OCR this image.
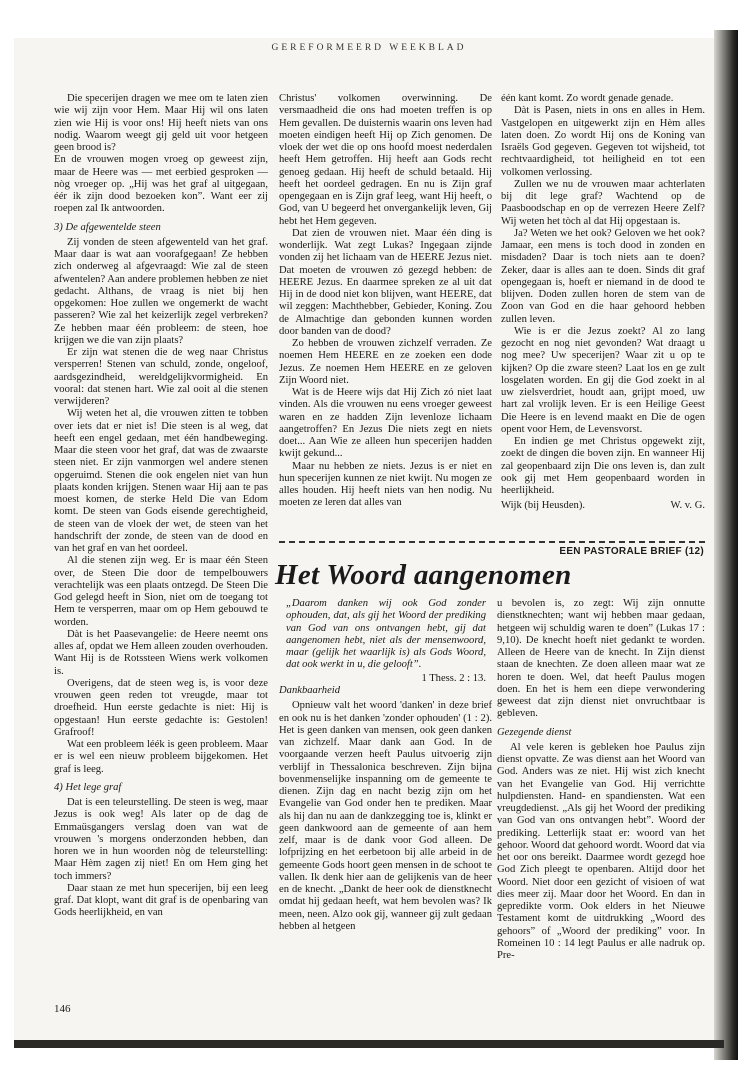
GEREFORMEERD WEEKBLAD

Die specerijen dragen we mee om te laten zien wie wij zijn voor Hem. Maar Hij wil ons laten zien wie Hij is voor ons! Hij heeft niets van ons nodig. Waarom weegt gij geld uit voor hetgeen geen brood is?

En de vrouwen mogen vroeg op geweest zijn, maar de Heere was — met eerbied gesproken — nòg vroeger op. „Hij was het graf al uitgegaan, éér ik zijn dood bezoeken kon”. Want eer zij roepen zal Ik antwoorden.

3) De afgewentelde steen

Zij vonden de steen afgewenteld van het graf. Maar daar is wat aan voorafgegaan! Ze hebben zich onderweg al afgevraagd: Wie zal de steen afwentelen? Aan andere problemen hebben ze niet gedacht. Althans, de vraag is niet bij hen opgekomen: Hoe zullen we ongemerkt de wacht passeren? Wie zal het keizerlijk zegel verbreken? Ze hebben maar één probleem: de steen, hoe krijgen we die van zijn plaats?

Er zijn wat stenen die de weg naar Christus versperren! Stenen van schuld, zonde, ongeloof, aardsgezindheid, wereldgelijkvormigheid. En vooral: dat stenen hart. Wie zal ooit al die stenen verwijderen?

Wij weten het al, die vrouwen zitten te tobben over iets dat er niet is! Die steen is al weg, dat heeft een engel gedaan, met één handbeweging. Maar die steen voor het graf, dat was de zwaarste steen niet. Er zijn vanmorgen wel andere stenen opgeruimd. Stenen die ook engelen niet van hun plaats konden krijgen. Stenen waar Hij aan te pas moest komen, de sterke Held Die van Edom komt. De steen van Gods eisende gerechtigheid, de steen van de vloek der wet, de steen van het handschrift der zonde, de steen van de dood en van het graf en van het oordeel.

Al die stenen zijn weg. Er is maar één Steen over, de Steen Die door de tempelbouwers verachtelijk was een plaats ontzegd. De Steen Die God gelegd heeft in Sion, niet om de toegang tot Hem te versperren, maar om op Hem gebouwd te worden.

Dàt is het Paasevangelie: de Heere neemt ons alles af, opdat we Hem alleen zouden overhouden. Want Hij is de Rotssteen Wiens werk volkomen is.

Overigens, dat de steen weg is, is voor deze vrouwen geen reden tot vreugde, maar tot droefheid. Hun eerste gedachte is niet: Hij is opgestaan! Hun eerste gedachte is: Gestolen! Grafroof!

Wat een probleem léék is geen probleem. Maar er is wel een nieuw probleem bijgekomen. Het graf is leeg.

4) Het lege graf

Dat is een teleurstelling. De steen is weg, maar Jezus is ook weg! Als later op de dag de Emmaüsgangers verslag doen van wat de vrouwen 's morgens onderzonden hebben, dan horen we in hun woorden nòg de teleurstelling: Maar Hèm zagen zij niet! En om Hem ging het toch immers?

Daar staan ze met hun specerijen, bij een leeg graf. Dat klopt, want dit graf is de openbaring van Gods heerlijkheid, en van

Christus' volkomen overwinning. De versmaadheid die ons had moeten treffen is op Hem gevallen. De duisternis waarin ons leven had moeten eindigen heeft Hij op Zich genomen. De vloek der wet die op ons hoofd moest nederdalen heeft Hem getroffen. Hij heeft aan Gods recht genoeg gedaan. Hij heeft de schuld betaald. Hij heeft het oordeel gedragen. En nu is Zijn graf opengegaan en is Zijn graf leeg, want Hij heeft, o God, van U begeerd het onvergankelijk leven, Gij hebt het Hem gegeven.

Dat zien de vrouwen niet. Maar één ding is wonderlijk. Wat zegt Lukas? Ingegaan zijnde vonden zij het lichaam van de HEERE Jezus niet. Dat moeten de vrouwen zó gezegd hebben: de HEERE Jezus. En daarmee spreken ze al uit dat Hij in de dood niet kon blijven, want HEERE, dat wil zeggen: Machthebber, Gebieder, Koning. Zou de Almachtige dan gebonden kunnen worden door banden van de dood?

Zo hebben de vrouwen zichzelf verraden. Ze noemen Hem HEERE en ze zoeken een dode Jezus. Ze noemen Hem HEERE en ze geloven Zijn Woord niet.

Wat is de Heere wijs dat Hij Zich zó niet laat vinden. Als die vrouwen nu eens vroeger geweest waren en ze hadden Zijn levenloze lichaam aangetroffen? En Jezus Die niets zegt en niets doet... Aan Wie ze alleen hun specerijen hadden kwijt gekund...

Maar nu hebben ze niets. Jezus is er niet en hun specerijen kunnen ze niet kwijt. Nu mogen ze alles houden. Hij heeft niets van hen nodig. Nu moeten ze leren dat alles van

één kant komt. Zo wordt genade genade.

Dàt is Pasen, niets in ons en alles in Hem. Vastgelopen en uitgewerkt zijn en Hèm alles laten doen. Zo wordt Hij ons de Koning van Israëls God gegeven. Gegeven tot wijsheid, tot rechtvaardigheid, tot heiligheid en tot een volkomen verlossing.

Zullen we nu de vrouwen maar achterlaten bij dit lege graf? Wachtend op de Paasboodschap en op de verrezen Heere Zelf? Wij weten het tòch al dat Hij opgestaan is.

Ja? Weten we het ook? Geloven we het ook? Jamaar, een mens is toch dood in zonden en misdaden? Daar is toch niets aan te doen? Zeker, daar is alles aan te doen. Sinds dit graf opengegaan is, hoeft er niemand in de dood te blijven. Doden zullen horen de stem van de Zoon van God en die haar gehoord hebben zullen leven.

Wie is er die Jezus zoekt? Al zo lang gezocht en nog niet gevonden? Wat draagt u nog mee? Uw specerijen? Waar zit u op te kijken? Op die zware steen? Laat los en ge zult losgelaten worden. En gij die God zoekt in al uw zielsverdriet, houdt aan, grijpt moed, uw hart zal vrolijk leven. Er is een Heilige Geest Die Heere is en levend maakt en Die de ogen opent voor Hem, de Levensvorst.

En indien ge met Christus opgewekt zijt, zoekt de dingen die boven zijn. En wanneer Hij zal geopenbaard zijn Die ons leven is, dan zult ook gij met Hem geopenbaard worden in heerlijkheid.

Wijk (bij Heusden).	W. v. G.
EEN PASTORALE BRIEF (12)
Het Woord aangenomen
„Daarom danken wij ook God zonder ophouden, dat, als gij het Woord der prediking van God van ons ontvangen hebt, gij dat aangenomen hebt, niet als der mensenwoord, maar (gelijk het waarlijk is) als Gods Woord, dat ook werkt in u, die gelooft”.
1 Thess. 2 : 13.
Dankbaarheid

Opnieuw valt het woord 'danken' in deze brief en ook nu is het danken 'zonder ophouden' (1 : 2). Het is geen danken van mensen, ook geen danken van zichzelf. Maar dank aan God. In de voorgaande verzen heeft Paulus uitvoerig zijn verblijf in Thessalonica beschreven. Zijn bijna bovenmenselijke inspanning om de gemeente te dienen. Zijn dag en nacht bezig zijn om het Evangelie van God onder hen te prediken. Maar als hij dan nu aan de dankzegging toe is, klinkt er geen dankwoord aan de gemeente of aan hem zelf, maar is de dank voor God alleen. De lofprijzing en het eerbetoon bij alle arbeid in de gemeente Gods hoort geen mensen in de schoot te vallen. Ik denk hier aan de gelijkenis van de heer en de knecht. „Dankt de heer ook de dienstknecht omdat hij gedaan heeft, wat hem bevolen was? Ik meen, neen. Alzo ook gij, wanneer gij zult gedaan hebben al hetgeen

u bevolen is, zo zegt: Wij zijn onnutte dienstknechten; want wij hebben maar gedaan, hetgeen wij schuldig waren te doen” (Lukas 17 : 9,10). De knecht hoeft niet gedankt te worden. Alleen de Heere van de knecht. In Zijn dienst staan de knechten. Ze doen alleen maar wat ze horen te doen. Wel, dat heeft Paulus mogen doen. En het is hem een diepe verwondering geweest dat zijn dienst niet onvruchtbaar is gebleven.

Gezegende dienst

Al vele keren is gebleken hoe Paulus zijn dienst opvatte. Ze was dienst aan het Woord van God. Anders was ze niet. Hij wist zich knecht van het Evangelie van God. Hij verrichtte hulpdiensten. Hand- en spandiensten. Wat een vreugdedienst. „Als gij het Woord der prediking van God van ons ontvangen hebt”. Woord der prediking. Letterlijk staat er: woord van het gehoor. Woord dat gehoord wordt. Woord dat via het oor ons bereikt. Daarmee wordt gezegd hoe God Zich pleegt te openbaren. Altijd door het Woord. Niet door een gezicht of visioen of wat dies meer zij. Maar door het Woord. En dan in gepredikte vorm. Ook elders in het Nieuwe Testament komt de uitdrukking „Woord des gehoors” of „Woord der prediking” voor. In Romeinen 10 : 14 legt Paulus er alle nadruk op. Pre-

146
